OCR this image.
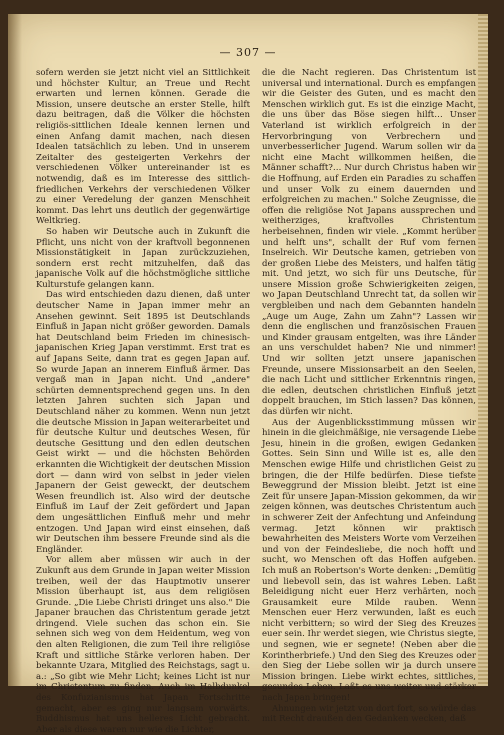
— 307 —

sofern werden sie jetzt nicht viel an Sittlichkeit und höchster Kultur, an Treue und Recht erwarten und lernen können. Gerade die Mission, unsere deutsche an erster Stelle, hilft dazu beitragen, daß die Völker die höchsten religiös-sittlichen Ideale kennen lernen und einen Anfang damit machen, nach diesen Idealen tatsächlich zu leben. Und in unserem Zeitalter des gesteigerten Verkehrs der verschiedenen Völker untereinander ist es notwendig, daß es im Interesse des sittlich-friedlichen Verkehrs der verschiedenen Völker zu einer Veredelung der ganzen Menschheit kommt. Das lehrt uns deutlich der gegenwärtige Weltkrieg.

So haben wir Deutsche auch in Zukunft die Pflicht, uns nicht von der kraftvoll begonnenen Missionstätigkeit in Japan zurückzuziehen, sondern erst recht mitzuhelfen, daß das japanische Volk auf die höchstmögliche sittliche Kulturstufe gelangen kann.

Das wird entschieden dazu dienen, daß unter deutscher Name in Japan immer mehr an Ansehen gewinnt. Seit 1895 ist Deutschlands Einfluß in Japan nicht größer geworden. Damals hat Deutschland beim Frieden im chinesisch-japanischen Krieg Japan verstimmt. Erst trat es auf Japans Seite, dann trat es gegen Japan auf. So wurde Japan an innerem Einfluß ärmer. Das vergaß man in Japan nicht. Und „andere" schürten demnentsprechend gegen uns. In den letzten Jahren suchten sich Japan und Deutschland näher zu kommen. Wenn nun jetzt die deutsche Mission in Japan weiterarbeitet und für deutsche Kultur und deutsches Wesen, für deutsche Gesittung und den edlen deutschen Geist wirkt — und die höchsten Behörden erkannten die Wichtigkeit der deutschen Mission dort — dann wird von selbst in jeder vielen Japanern der Geist geweckt, der deutschem Wesen freundlich ist. Also wird der deutsche Einfluß im Lauf der Zeit gefördert und Japan dem ungesättlichen Einfluß mehr und mehr entzogen. Und Japan wird einst einsehen, daß wir Deutschen ihm bessere Freunde sind als die Engländer.

Vor allem aber müssen wir auch in der Zukunft aus dem Grunde in Japan weiter Mission treiben, weil der das Hauptmotiv unserer Mission überhaupt ist, aus dem religiösen Grunde. „Die Liebe Christi dringet uns also." Die Japaner brauchen das Christentum gerade jetzt dringend. Viele suchen das schon ein. Sie sehnen sich weg von dem Heidentum, weg von den alten Religionen, die zum Teil ihre religiöse Kraft und sittliche Stärke verloren haben. Der bekannte Uzara, Mitglied des Reichstags, sagt u. a.: „So gibt wie Mehr Licht; keines Licht ist nur im Christentum zu finden. Auch im Halbdunkel des Konfuzianismus hat Japan Fortschritte gemacht, aber es ging nur langsam vorwärts. Buddhismus hat uns helleres Licht gebracht. Aber als diese waren nur wie die Lichter,

die die Nacht regieren. Das Christentum ist universal und international. Durch es empfangen wir die Geister des Guten, und es macht den Menschen wirklich gut. Es ist die einzige Macht, die uns über das Böse siegen hilft… Unser Vaterland ist wirklich erfolgreich in der Hervorbringung von Verbrechern und unverbesserlicher Jugend. Warum sollen wir da nicht eine Macht willkommen heißen, die Männer schafft?… Nur durch Christus haben wir die Hoffnung, auf Erden ein Paradies zu schaffen und unser Volk zu einem dauernden und erfolgreichen zu machen." Solche Zeugnisse, die offen die religiöse Not Japans aussprechen und weitherziges, kraftvolles Christentum herbeisehnen, finden wir viele. „Kommt herüber und helft uns", schallt der Ruf vom fernen Inselreich. Wir Deutsche kamen, getrieben von der großen Liebe des Meisters, und halfen tätig mit. Und jetzt, wo sich für uns Deutsche, für unsere Mission große Schwierigkeiten zeigen, wo Japan Deutschland Unrecht tat, da sollen wir vergbleiben und nach dem Gebannten handeln „Auge um Auge, Zahn um Zahn"? Lassen wir denn die englischen und französischen Frauen und Kinder grausam entgelten, was ihre Länder an uns verschuldet haben? Nie und nimmer! Und wir sollten jetzt unsere japanischen Freunde, unsere Missionsarbeit an den Seelen, die nach Licht und sittlicher Erkenntnis ringen, die edlen, deutschen christlichen Einfluß jetzt doppelt brauchen, im Stich lassen? Das können, das dürfen wir nicht.

Aus der Augenblicksstimmung müssen wir hinein in die gleichmäßige, nie versagende Liebe Jesu, hinein in die großen, ewigen Gedanken Gottes. Sein Sinn und Wille ist es, alle den Menschen ewige Hilfe und christlichen Geist zu bringen, die der Hilfe bedürfen. Diese tiefste Beweggrund der Mission bleibt. Jetzt ist eine Zeit für unsere Japan-Mission gekommen, da wir zeigen können, was deutsches Christentum auch in schwerer Zeit der Anfechtung und Anfeindung vermag. Jetzt können wir praktisch bewahrheiten des Meisters Worte vom Verzeihen und von der Feindesliebe, die noch hofft und sucht, wo Menschen oft das Hoffen aufgeben. Ich muß an Robertson's Worte denken: „Demütig und liebevoll sein, das ist wahres Leben. Laßt Beleidigung nicht euer Herz verhärten, noch Grausamkeit eure Milde rauben. Wenn Menschen euer Herz verwunden, laßt es euch nicht verbittern; so wird der Sieg des Kreuzes euer sein. Ihr werdet siegen, wie Christus siegte, und segnen, wie er segnete! (Neben aber die Korintherbriefe.) Und den Sieg des Kreuzes oder den Sieg der Liebe sollen wir ja durch unsere Mission bringen. Liebe wirkt echtes, sittliches, gesundes Leben. Laßt es uns weiter und stärker nach Japan bringen!

Ahnungen wir jetzt von dort fort, so würde das mit Recht draußen den Gedanken wecken, daß
